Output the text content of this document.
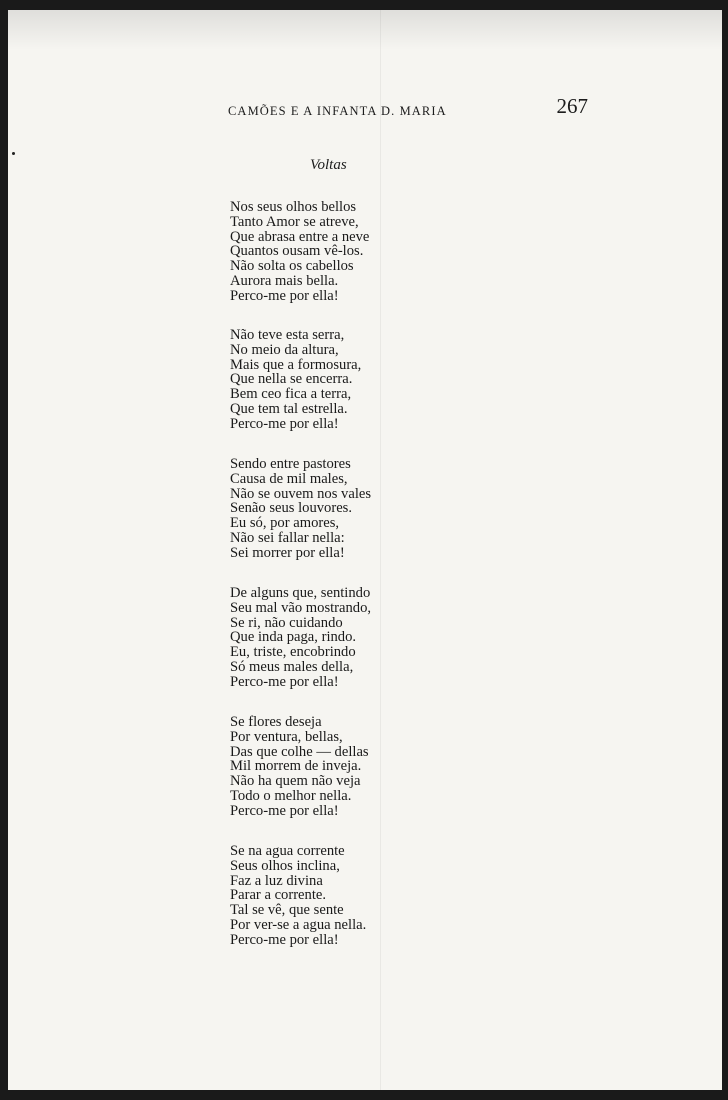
CAMÕES E A INFANTA D. MARIA	267
Voltas
Nos seus olhos bellos
Tanto Amor se atreve,
Que abrasa entre a neve
Quantos ousam vê-los.
Não solta os cabellos
Aurora mais bella.
Perco-me por ella!
Não teve esta serra,
No meio da altura,
Mais que a formosura,
Que nella se encerra.
Bem ceo fica a terra,
Que tem tal estrella.
Perco-me por ella!
Sendo entre pastores
Causa de mil males,
Não se ouvem nos vales
Senão seus louvores.
Eu só, por amores,
Não sei fallar nella:
Sei morrer por ella!
De alguns que, sentindo
Seu mal vão mostrando,
Se ri, não cuidando
Que inda paga, rindo.
Eu, triste, encobrindo
Só meus males della,
Perco-me por ella!
Se flores deseja
Por ventura, bellas,
Das que colhe — dellas
Mil morrem de inveja.
Não ha quem não veja
Todo o melhor nella.
Perco-me por ella!
Se na agua corrente
Seus olhos inclina,
Faz a luz divina
Parar a corrente.
Tal se vê, que sente
Por ver-se a agua nella.
Perco-me por ella!
